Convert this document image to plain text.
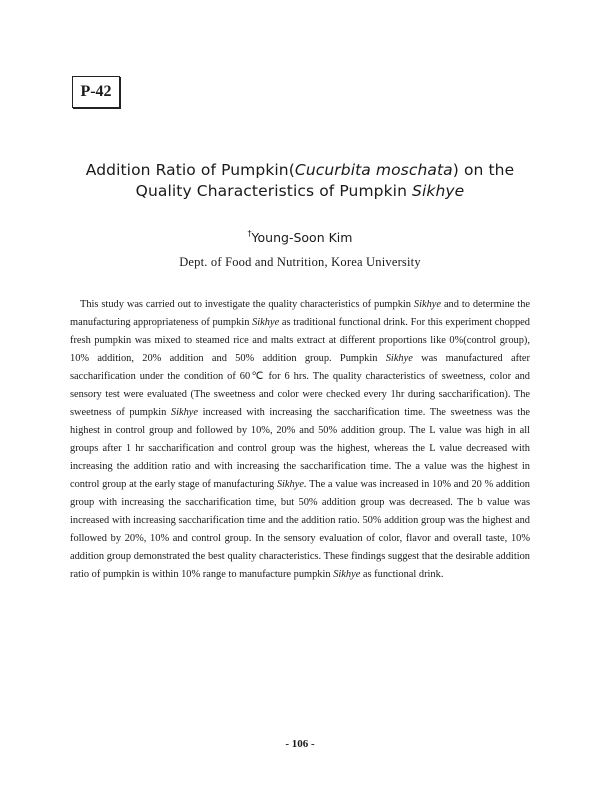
P-42
Addition Ratio of Pumpkin(Cucurbita moschata) on the
Quality Characteristics of Pumpkin Sikhye
†Young-Soon Kim
Dept. of Food and Nutrition, Korea University
This study was carried out to investigate the quality characteristics of pumpkin Sikhye and to determine the manufacturing appropriateness of pumpkin Sikhye as traditional functional drink. For this experiment chopped fresh pumpkin was mixed to steamed rice and malts extract at different proportions like 0%(control group), 10% addition, 20% addition and 50% addition group. Pumpkin Sikhye was manufactured after saccharification under the condition of 60℃ for 6 hrs. The quality characteristics of sweetness, color and sensory test were evaluated (The sweetness and color were checked every 1hr during saccharification). The sweetness of pumpkin Sikhye increased with increasing the saccharification time. The sweetness was the highest in control group and followed by 10%, 20% and 50% addition group. The L value was high in all groups after 1 hr saccharification and control group was the highest, whereas the L value decreased with increasing the addition ratio and with increasing the saccharification time. The a value was the highest in control group at the early stage of manufacturing Sikhye. The a value was increased in 10% and 20 % addition group with increasing the saccharification time, but 50% addition group was decreased. The b value was increased with increasing saccharification time and the addition ratio. 50% addition group was the highest and followed by 20%, 10% and control group. In the sensory evaluation of color, flavor and overall taste, 10% addition group demonstrated the best quality characteristics. These findings suggest that the desirable addition ratio of pumpkin is within 10% range to manufacture pumpkin Sikhye as functional drink.
- 106 -
